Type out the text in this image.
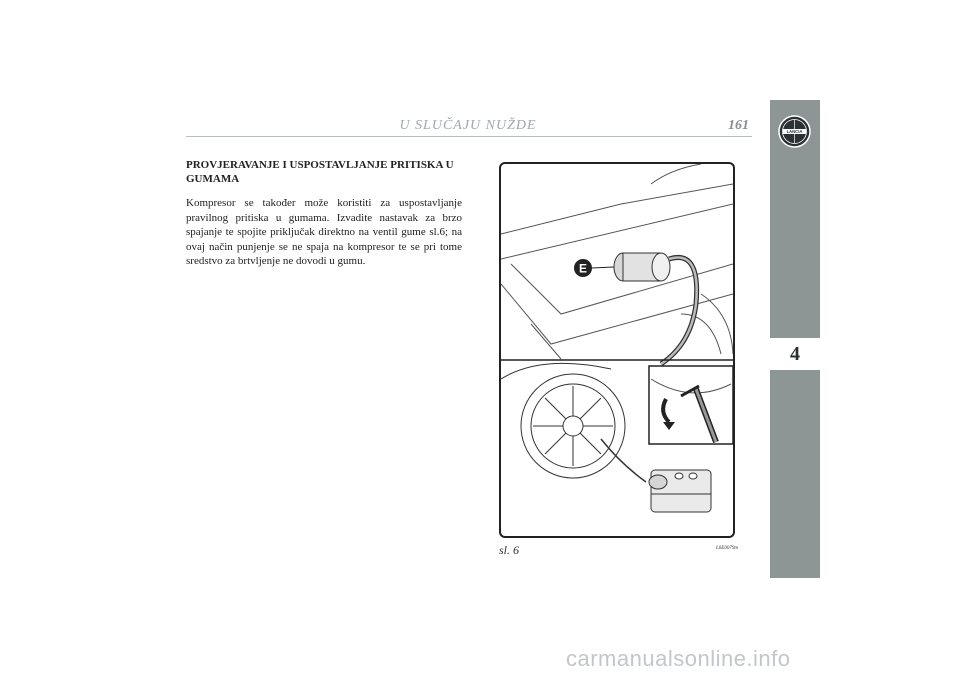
U SLUČAJU NUŽDE	161	LANCIA
4
PROVJERAVANJE I USPOSTAVLJANJE PRITISKA U GUMAMA

Kompresor se također može koristiti za uspostavljanje pravilnog pritiska u gumama. Izvadite nastavak za brzo spajanje te spojite priključak direktno na ventil gume sl.6; na ovaj način punjenje se ne spaja na kompresor te se pri tome sredstvo za brtvljenje ne dovodi u gumu.

E
sl. 6	L0E0079m
carmanualsonline.info
